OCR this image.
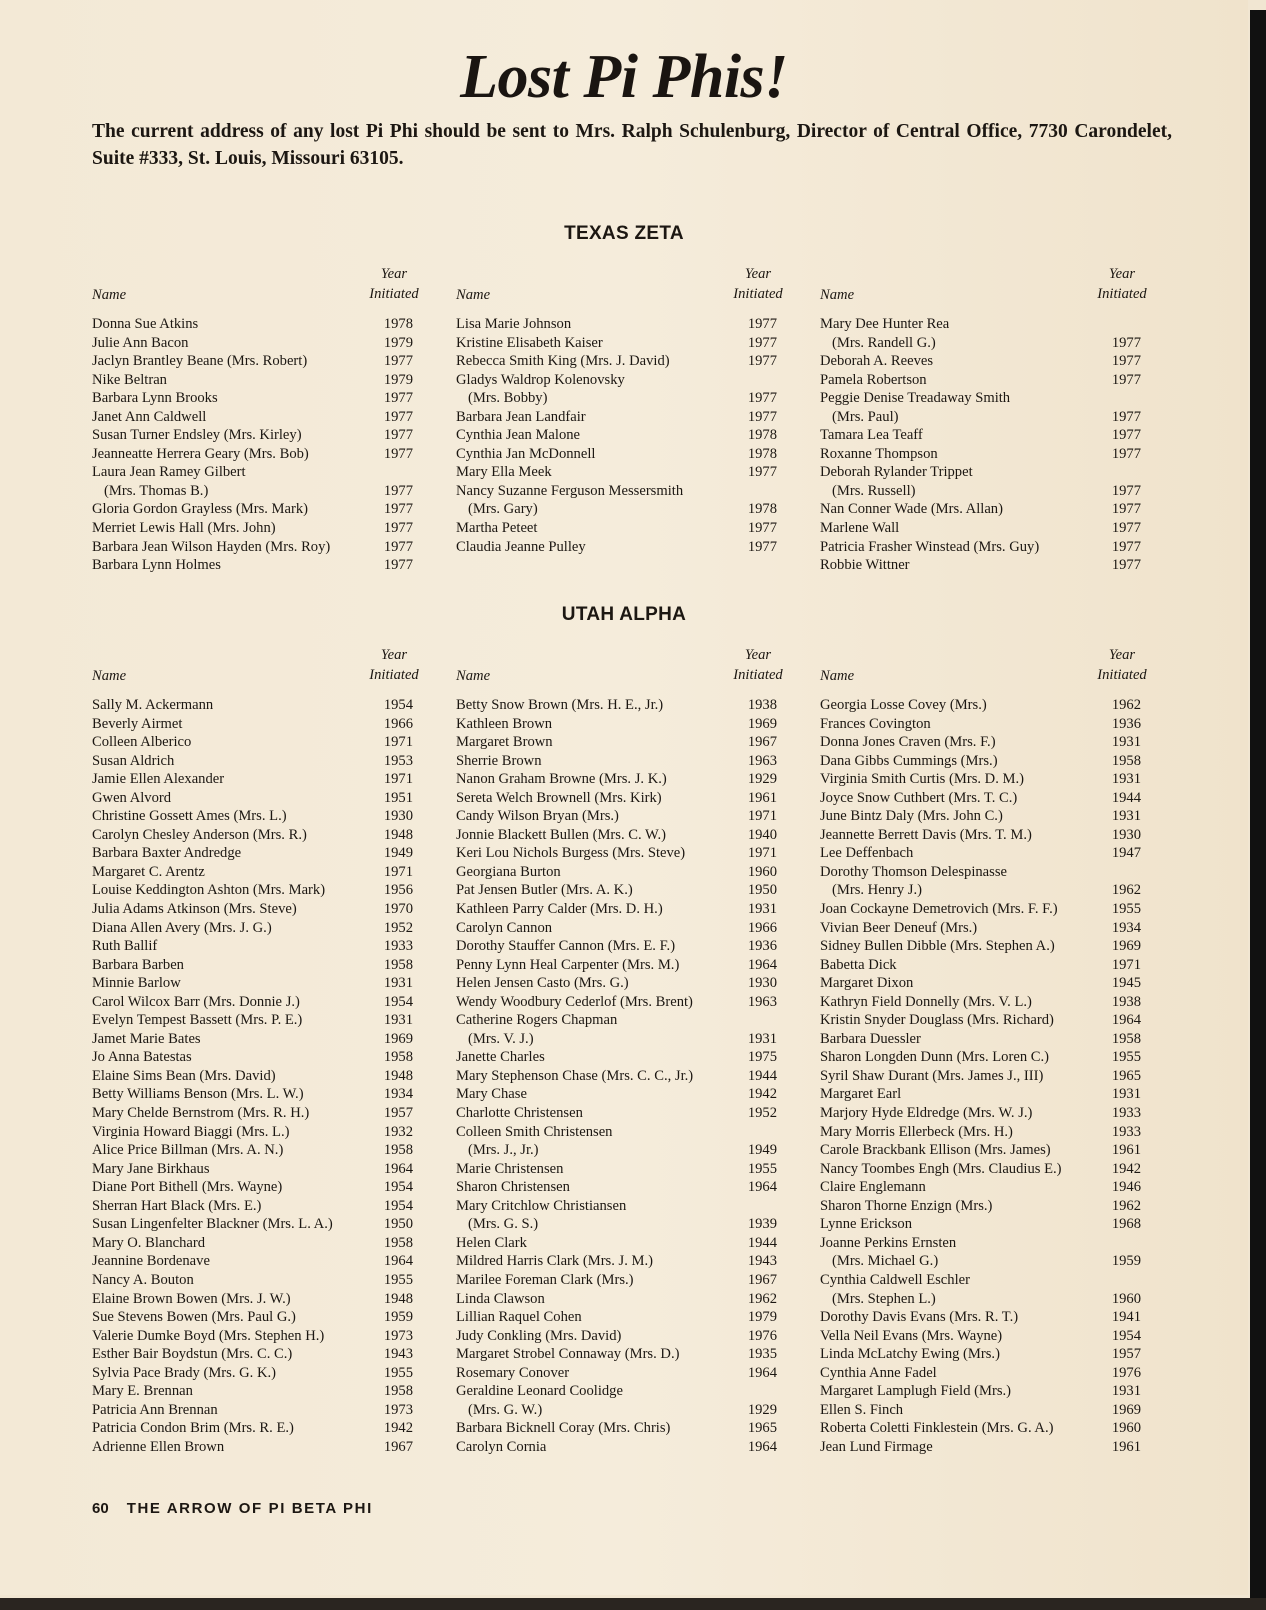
Lost Pi Phis!
The current address of any lost Pi Phi should be sent to Mrs. Ralph Schulenburg, Director of Central Office, 7730 Carondelet, Suite #333, St. Louis, Missouri 63105.
TEXAS ZETA
Name
Year
Initiated
Donna Sue Atkins	1978
Julie Ann Bacon	1979
Jaclyn Brantley Beane (Mrs. Robert)	1977
Nike Beltran	1979
Barbara Lynn Brooks	1977
Janet Ann Caldwell	1977
Susan Turner Endsley (Mrs. Kirley)	1977
Jeanneatte Herrera Geary (Mrs. Bob)	1977
Laura Jean Ramey Gilbert
(Mrs. Thomas B.)	1977
Gloria Gordon Grayless (Mrs. Mark)	1977
Merriet Lewis Hall (Mrs. John)	1977
Barbara Jean Wilson Hayden (Mrs. Roy)	1977
Barbara Lynn Holmes	1977
Name
Year
Initiated
Lisa Marie Johnson	1977
Kristine Elisabeth Kaiser	1977
Rebecca Smith King (Mrs. J. David)	1977
Gladys Waldrop Kolenovsky
(Mrs. Bobby)	1977
Barbara Jean Landfair	1977
Cynthia Jean Malone	1978
Cynthia Jan McDonnell	1978
Mary Ella Meek	1977
Nancy Suzanne Ferguson Messersmith
(Mrs. Gary)	1978
Martha Peteet	1977
Claudia Jeanne Pulley	1977
Name
Year
Initiated
Mary Dee Hunter Rea
(Mrs. Randell G.)	1977
Deborah A. Reeves	1977
Pamela Robertson	1977
Peggie Denise Treadaway Smith
(Mrs. Paul)	1977
Tamara Lea Teaff	1977
Roxanne Thompson	1977
Deborah Rylander Trippet
(Mrs. Russell)	1977
Nan Conner Wade (Mrs. Allan)	1977
Marlene Wall	1977
Patricia Frasher Winstead (Mrs. Guy)	1977
Robbie Wittner	1977
UTAH ALPHA
Name
Year
Initiated
Sally M. Ackermann	1954
Beverly Airmet	1966
Colleen Alberico	1971
Susan Aldrich	1953
Jamie Ellen Alexander	1971
Gwen Alvord	1951
Christine Gossett Ames (Mrs. L.)	1930
Carolyn Chesley Anderson (Mrs. R.)	1948
Barbara Baxter Andredge	1949
Margaret C. Arentz	1971
Louise Keddington Ashton (Mrs. Mark)	1956
Julia Adams Atkinson (Mrs. Steve)	1970
Diana Allen Avery (Mrs. J. G.)	1952
Ruth Ballif	1933
Barbara Barben	1958
Minnie Barlow	1931
Carol Wilcox Barr (Mrs. Donnie J.)	1954
Evelyn Tempest Bassett (Mrs. P. E.)	1931
Jamet Marie Bates	1969
Jo Anna Batestas	1958
Elaine Sims Bean (Mrs. David)	1948
Betty Williams Benson (Mrs. L. W.)	1934
Mary Chelde Bernstrom (Mrs. R. H.)	1957
Virginia Howard Biaggi (Mrs. L.)	1932
Alice Price Billman (Mrs. A. N.)	1958
Mary Jane Birkhaus	1964
Diane Port Bithell (Mrs. Wayne)	1954
Sherran Hart Black (Mrs. E.)	1954
Susan Lingenfelter Blackner (Mrs. L. A.)	1950
Mary O. Blanchard	1958
Jeannine Bordenave	1964
Nancy A. Bouton	1955
Elaine Brown Bowen (Mrs. J. W.)	1948
Sue Stevens Bowen (Mrs. Paul G.)	1959
Valerie Dumke Boyd (Mrs. Stephen H.)	1973
Esther Bair Boydstun (Mrs. C. C.)	1943
Sylvia Pace Brady (Mrs. G. K.)	1955
Mary E. Brennan	1958
Patricia Ann Brennan	1973
Patricia Condon Brim (Mrs. R. E.)	1942
Adrienne Ellen Brown	1967
Name
Year
Initiated
Betty Snow Brown (Mrs. H. E., Jr.)	1938
Kathleen Brown	1969
Margaret Brown	1967
Sherrie Brown	1963
Nanon Graham Browne (Mrs. J. K.)	1929
Sereta Welch Brownell (Mrs. Kirk)	1961
Candy Wilson Bryan (Mrs.)	1971
Jonnie Blackett Bullen (Mrs. C. W.)	1940
Keri Lou Nichols Burgess (Mrs. Steve)	1971
Georgiana Burton	1960
Pat Jensen Butler (Mrs. A. K.)	1950
Kathleen Parry Calder (Mrs. D. H.)	1931
Carolyn Cannon	1966
Dorothy Stauffer Cannon (Mrs. E. F.)	1936
Penny Lynn Heal Carpenter (Mrs. M.)	1964
Helen Jensen Casto (Mrs. G.)	1930
Wendy Woodbury Cederlof (Mrs. Brent)	1963
Catherine Rogers Chapman
(Mrs. V. J.)	1931
Janette Charles	1975
Mary Stephenson Chase (Mrs. C. C., Jr.)	1944
Mary Chase	1942
Charlotte Christensen	1952
Colleen Smith Christensen
(Mrs. J., Jr.)	1949
Marie Christensen	1955
Sharon Christensen	1964
Mary Critchlow Christiansen
(Mrs. G. S.)	1939
Helen Clark	1944
Mildred Harris Clark (Mrs. J. M.)	1943
Marilee Foreman Clark (Mrs.)	1967
Linda Clawson	1962
Lillian Raquel Cohen	1979
Judy Conkling (Mrs. David)	1976
Margaret Strobel Connaway (Mrs. D.)	1935
Rosemary Conover	1964
Geraldine Leonard Coolidge
(Mrs. G. W.)	1929
Barbara Bicknell Coray (Mrs. Chris)	1965
Carolyn Cornia	1964
Name
Year
Initiated
Georgia Losse Covey (Mrs.)	1962
Frances Covington	1936
Donna Jones Craven (Mrs. F.)	1931
Dana Gibbs Cummings (Mrs.)	1958
Virginia Smith Curtis (Mrs. D. M.)	1931
Joyce Snow Cuthbert (Mrs. T. C.)	1944
June Bintz Daly (Mrs. John C.)	1931
Jeannette Berrett Davis (Mrs. T. M.)	1930
Lee Deffenbach	1947
Dorothy Thomson Delespinasse
(Mrs. Henry J.)	1962
Joan Cockayne Demetrovich (Mrs. F. F.)	1955
Vivian Beer Deneuf (Mrs.)	1934
Sidney Bullen Dibble (Mrs. Stephen A.)	1969
Babetta Dick	1971
Margaret Dixon	1945
Kathryn Field Donnelly (Mrs. V. L.)	1938
Kristin Snyder Douglass (Mrs. Richard)	1964
Barbara Duessler	1958
Sharon Longden Dunn (Mrs. Loren C.)	1955
Syril Shaw Durant (Mrs. James J., III)	1965
Margaret Earl	1931
Marjory Hyde Eldredge (Mrs. W. J.)	1933
Mary Morris Ellerbeck (Mrs. H.)	1933
Carole Brackbank Ellison (Mrs. James)	1961
Nancy Toombes Engh (Mrs. Claudius E.)	1942
Claire Englemann	1946
Sharon Thorne Enzign (Mrs.)	1962
Lynne Erickson	1968
Joanne Perkins Ernsten
(Mrs. Michael G.)	1959
Cynthia Caldwell Eschler
(Mrs. Stephen L.)	1960
Dorothy Davis Evans (Mrs. R. T.)	1941
Vella Neil Evans (Mrs. Wayne)	1954
Linda McLatchy Ewing (Mrs.)	1957
Cynthia Anne Fadel	1976
Margaret Lamplugh Field (Mrs.)	1931
Ellen S. Finch	1969
Roberta Coletti Finklestein (Mrs. G. A.)	1960
Jean Lund Firmage	1961
60 THE ARROW OF PI BETA PHI
